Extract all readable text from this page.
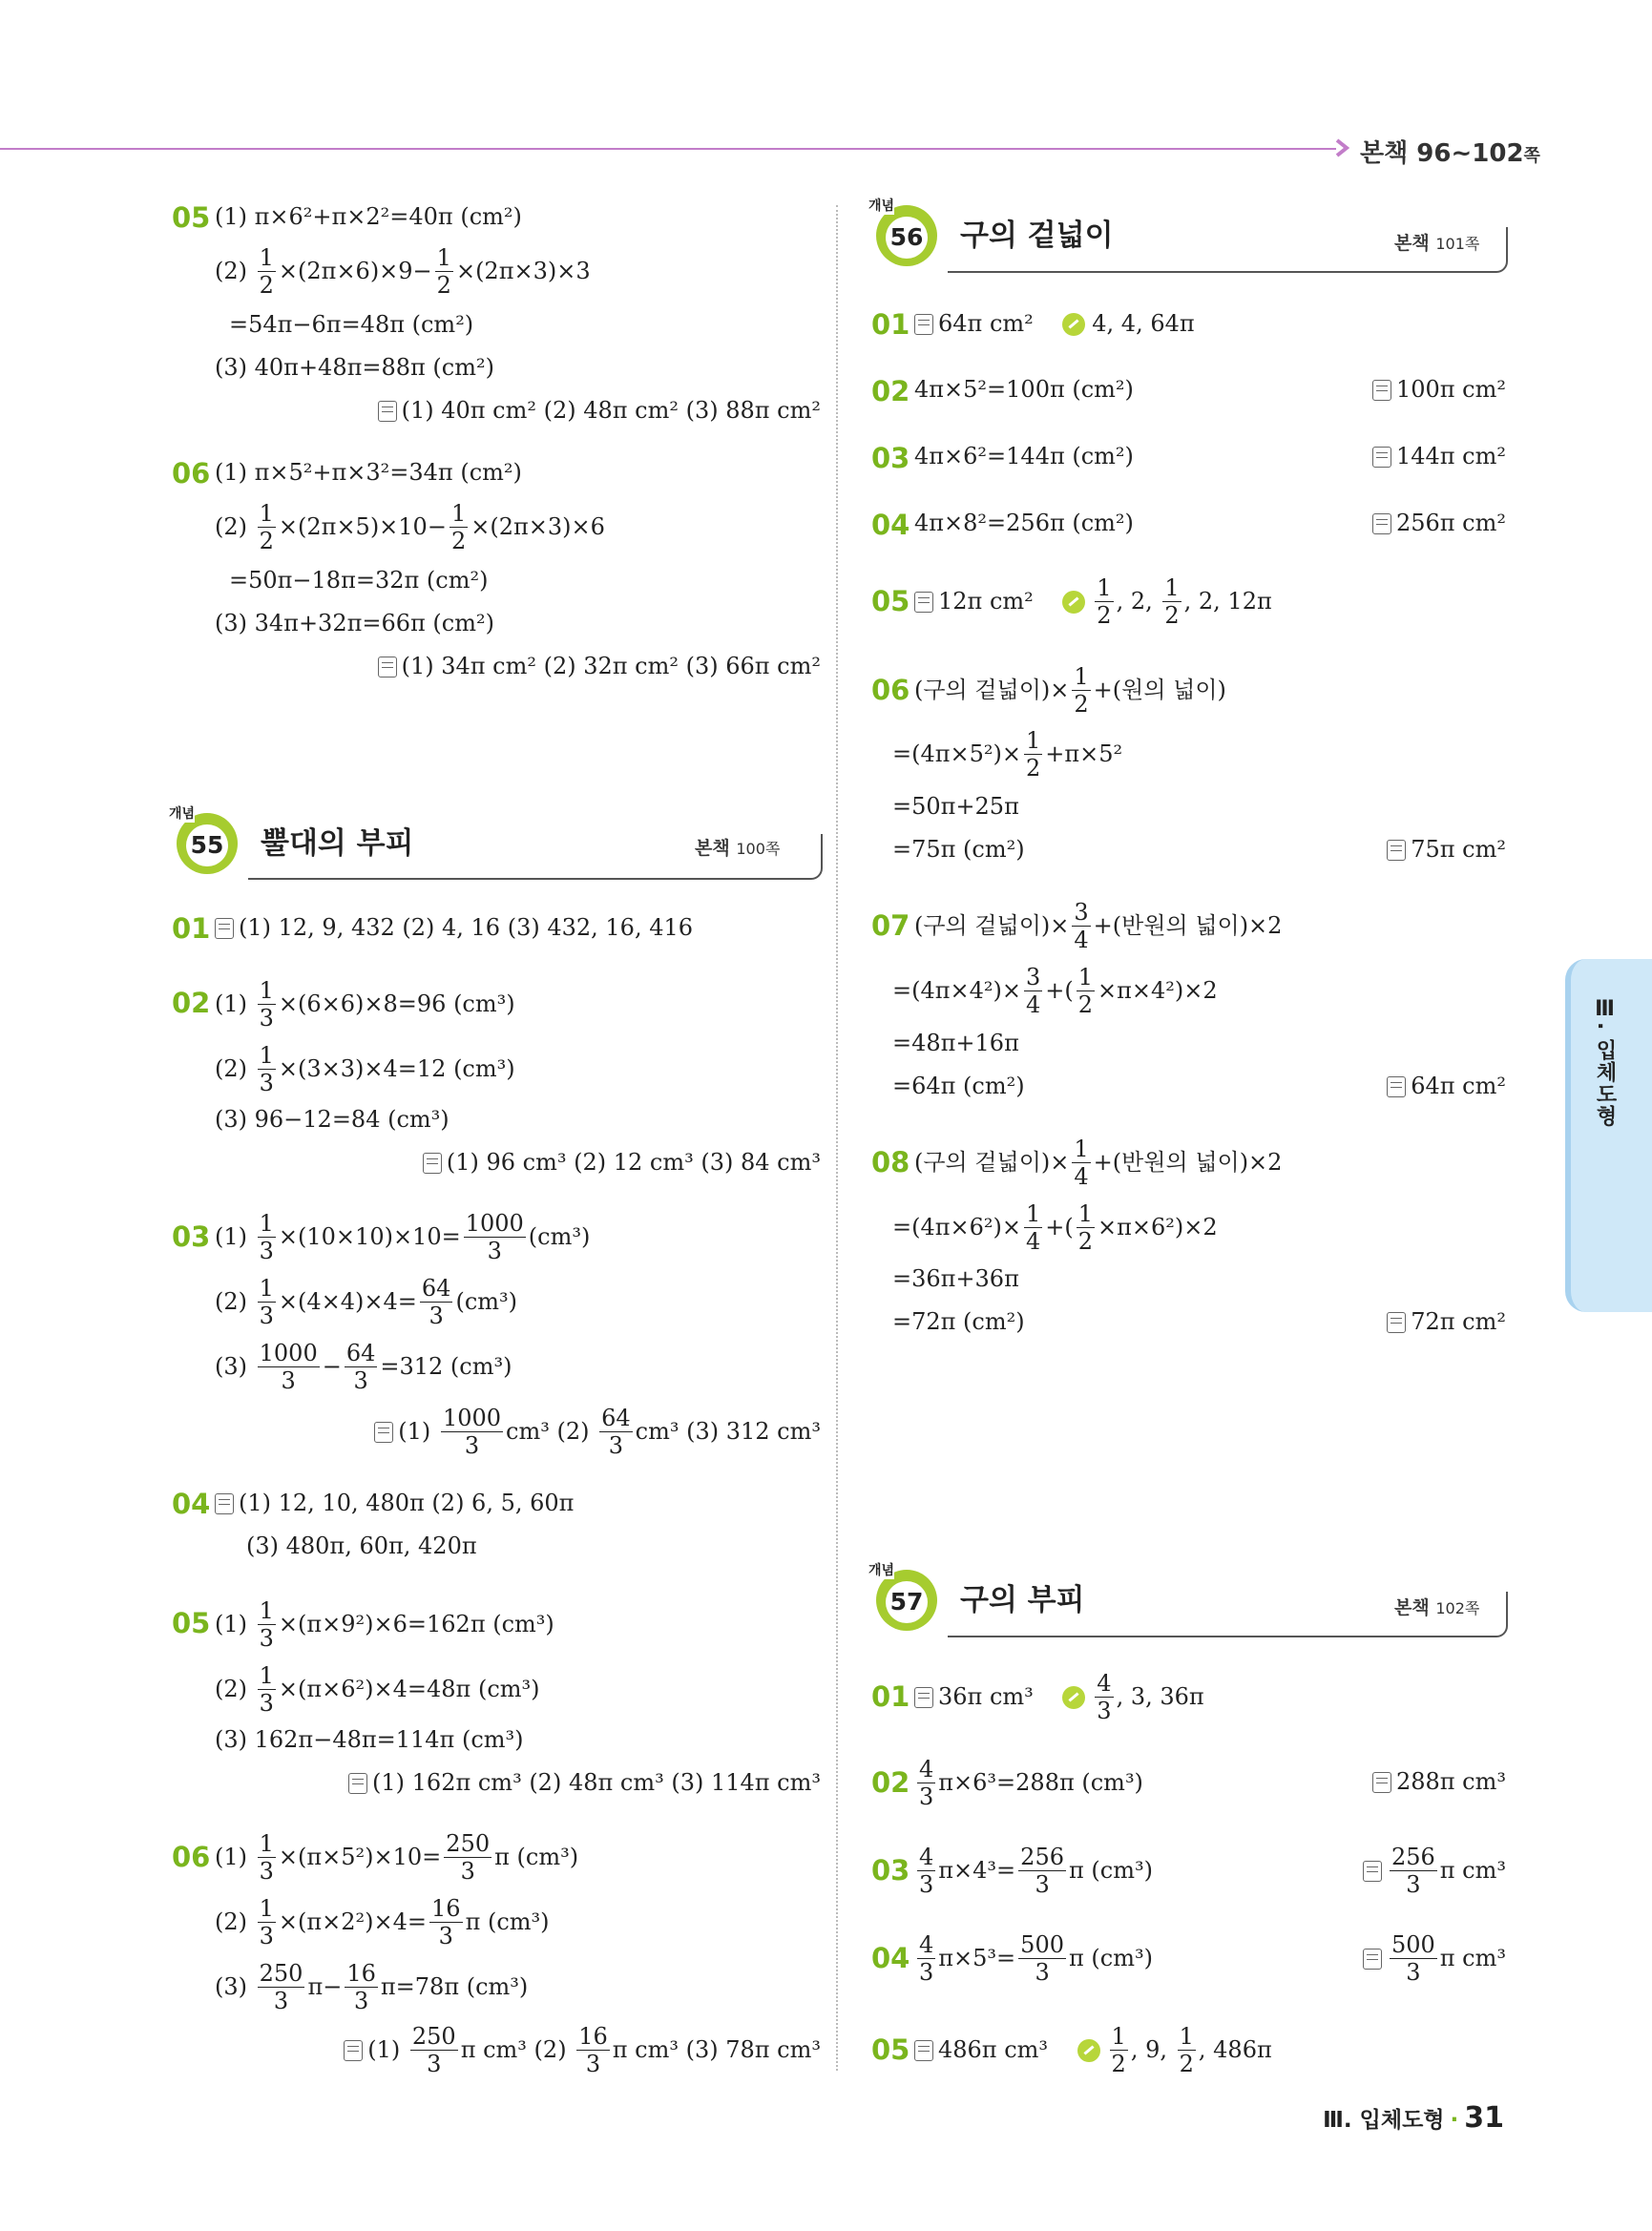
본책 96~102쪽
05 (1) π×6²+π×2²=40π (cm²)
(2)
$\frac{1}{2} \times(2\pi\times 6)\times 9- \frac{1}{2} \times(2\pi\times 3)\times 3$
=54π−6π=48π (cm²)
(3) 40π+48π=88π (cm²)
(1) 40π cm² (2) 48π cm² (3) 88π cm²
06 (1) π×5²+π×3²=34π (cm²)
(2)
$\frac{1}{2} \times(2\pi\times 5)\times 10- \frac{1}{2} \times(2\pi\times 3)\times 6$
=50π−18π=32π (cm²)
(3) 34π+32π=66π (cm²)
(1) 34π cm² (2) 32π cm² (3) 66π cm²
개념
55 뿔대의 부피	본책 100쪽
01 (1) 12, 9, 432 (2) 4, 16 (3) 432, 16, 416
02 (1)
$\frac{1}{3} \times(6\times 6)\times 8=96$ (cm³)
(2)
$\frac{1}{3} \times(3\times 3)\times 4=12$ (cm³)
(3) 96−12=84 (cm³)
(1) 96 cm³ (2) 12 cm³ (3) 84 cm³
03 (1)
$\frac{1}{3} \times(10\times 10)\times 10= \frac{1000}{3} (cm^3)$
(2)
$\frac{1}{3} \times(4\times 4)\times 4= \frac{64}{3} (cm^3)$
(3)
$\frac{1000}{3} - \frac{64}{3} =312$ (cm³)
(1)
$\frac{1000}{3} cm^3$ (2)
$\frac{64}{3} cm^3$ (3) 312 cm³
04 (1) 12, 10, 480π (2) 6, 5, 60π
(3) 480π, 60π, 420π
05 (1)
$\frac{1}{3} \times(\pi\times 9^2)\times 6=162\pi$ (cm³)
(2)
$\frac{1}{3} \times(\pi\times 6^2)\times 4=48\pi$ (cm³)
(3) 162π−48π=114π (cm³)
(1) 162π cm³ (2) 48π cm³ (3) 114π cm³
06 (1)
$\frac{1}{3} \times(\pi\times 5^2)\times 10= \frac{250}{3}$ π (cm³)
(2)
$\frac{1}{3} \times(\pi\times 2^2)\times 4= \frac{16}{3}$ π (cm³)
(3)
$\frac{250}{3} \pi- \frac{16}{3} \pi=78\pi$ (cm³)
(1)
$\frac{250}{3}$ π cm³ (2)
$\frac{16}{3}$ π cm³ (3) 78π cm³
개념
56 구의 겉넓이	본책 101쪽
01 64π cm²
	4, 4, 64π
02 4π×5²=100π (cm²)	100π cm²
03 4π×6²=144π (cm²)	144π cm²
04 4π×8²=256π (cm²)	256π cm²
05 12π cm²
	$\frac{1}{2}$ , 2,
$\frac{1}{2}$ , 2, 12π
06 (구의 겉넓이)× $\frac{1}{2}$ +(원의 넓이)
$=(4\pi\times 5^2)\times \frac{1}{2} +\pi\times 5^2$
=50π+25π
=75π (cm²)	75π cm²
07 (구의 겉넓이)× $\frac{3}{4}$ +(반원의 넓이)×2
$=(4\pi\times 4^2)\times \frac{3}{4}$ +( $\frac{1}{2} \times\pi\times 4^2)\times 2$
=48π+16π
=64π (cm²)	64π cm²
08 (구의 겉넓이)× $\frac{1}{4}$ +(반원의 넓이)×2
$=(4\pi\times 6^2)\times \frac{1}{4}$ +( $\frac{1}{2} \times\pi\times 6^2)\times 2$
=36π+36π
=72π (cm²)	72π cm²
개념
57 구의 부피	본책 102쪽
01 36π cm³
	$\frac{4}{3}$ , 3, 36π
$02 \frac{4}{3} \pi\times 6^3=288\pi$ (cm³)	288π cm³
$03 \frac{4}{3} \pi\times 4^3= \frac{256}{3}$ π (cm³)	$\frac{256}{3}$ π cm³
$04 \frac{4}{3} \pi\times 5^3= \frac{500}{3}$ π (cm³)	$\frac{500}{3}$ π cm³
05 486π cm³
	$\frac{1}{2}$ , 9,
$\frac{1}{2}$ , 486π
Ⅲ. 입체도형
Ⅲ. 입체도형 · 31
